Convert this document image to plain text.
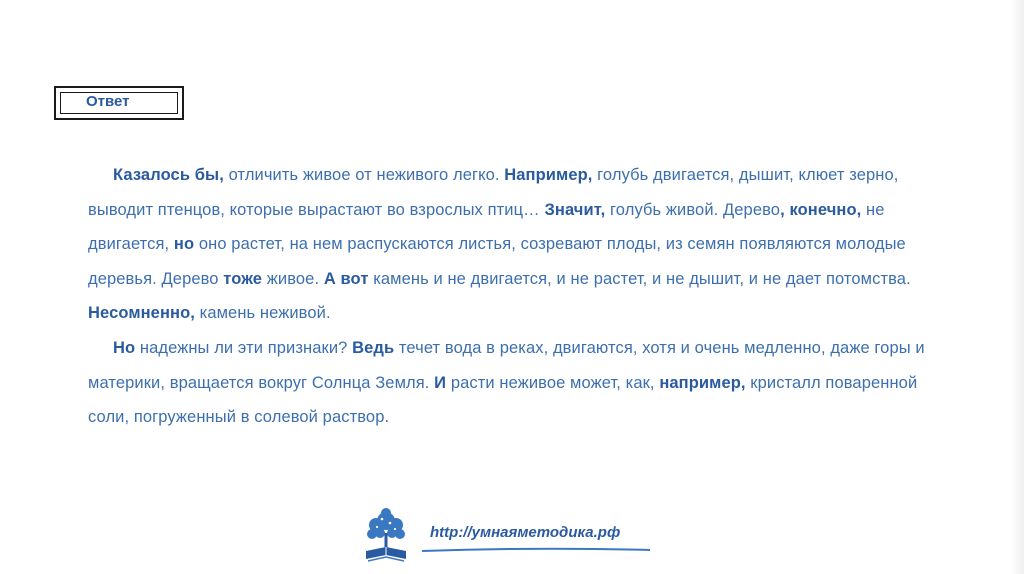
Ответ

Казалось бы, отличить живое от неживого легко. Например, голубь двигается, дышит, клюет зерно, выводит птенцов, которые вырастают во взрослых птиц… Значит, голубь живой. Дерево, конечно, не двигается, но оно растет, на нем распускаются листья, созревают плоды, из семян появляются молодые деревья. Дерево тоже живое. А вот камень и не двигается, и не растет, и не дышит, и не дает потомства. Несомненно, камень неживой.

Но надежны ли эти признаки? Ведь течет вода в реках, двигаются, хотя и очень медленно, даже горы и материки, вращается вокруг Солнца Земля. И расти неживое может, как, например, кристалл поваренной соли, погруженный в солевой раствор.

http://умнаяметодика.рф
